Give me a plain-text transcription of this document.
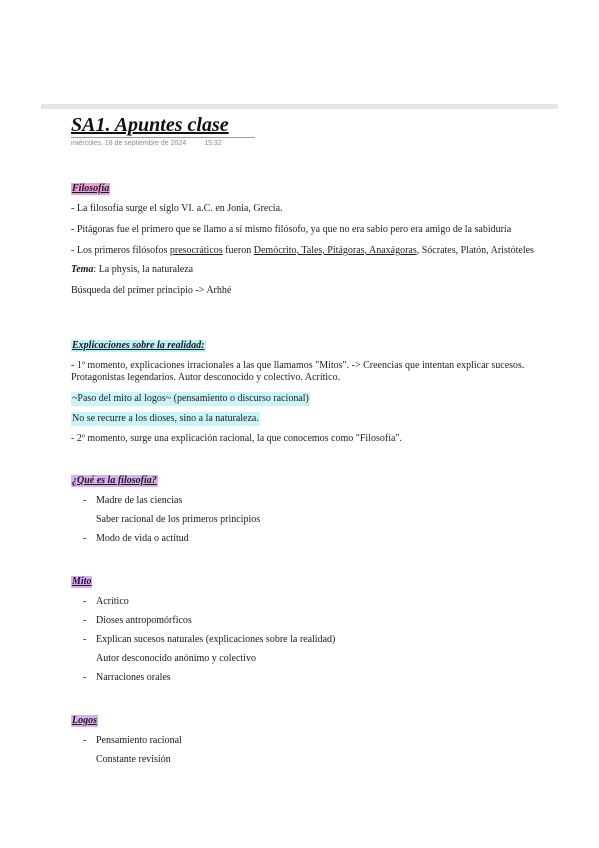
SA1. Apuntes clase
miércoles, 18 de septiembre de 2024	15:32
Filosofía

- La filosofía surge el siglo VI. a.C. en Jonia, Grecia.

- Pitágoras fue el primero que se llamo a sí mismo filósofo, ya que no era sabio pero era amigo de la sabiduría

- Los primeros filósofos presocráticos fueron Demócrito, Tales, Pitágoras, Anaxágoras, Sócrates, Platón, Aristóteles

Tema: La physis, la naturaleza

Búsqueda del primer principio -> Arhhé

Explicaciones sobre la realidad:

- 1º momento, explicaciones irracionales a las que llamamos "Mitos". -> Creencias que intentan explicar sucesos. Protagonistas legendarios. Autor desconocido y colectivo. Acrítico.

~Paso del mito al logos~ (pensamiento o discurso racional)
No se recurre a los dioses, sino a la naturaleza.

- 2º momento, surge una explicación racional, la que conocemos como "Filosofía".

¿Qué es la filosofía?
- Madre de las ciencias
Saber racional de los primeros principios
- Modo de vida o actitud
Mito
- Acrítico
- Dioses antropomórficos
- Explican sucesos naturales (explicaciones sobre la realidad)
Autor desconocido anónimo y colectivo
- Narraciones orales
Logos
- Pensamiento racional
Constante revisión
